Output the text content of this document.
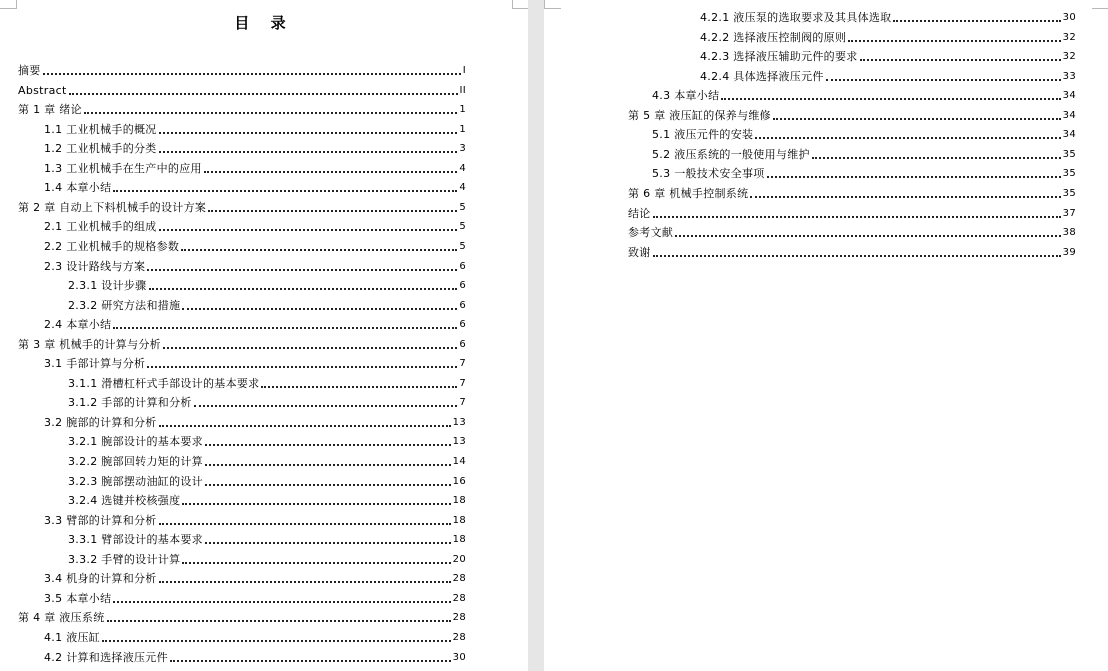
目 录
摘要	I
Abstract	II
第 1 章 绪论	1
1.1 工业机械手的概况	1
1.2 工业机械手的分类	3
1.3 工业机械手在生产中的应用	4
1.4 本章小结	4
第 2 章 自动上下料机械手的设计方案	5
2.1 工业机械手的组成	5
2.2 工业机械手的规格参数	5
2.3 设计路线与方案	6
2.3.1 设计步骤	6
2.3.2 研究方法和措施	6
2.4 本章小结	6
第 3 章 机械手的计算与分析	6
3.1 手部计算与分析	7
3.1.1 滑槽杠杆式手部设计的基本要求	7
3.1.2 手部的计算和分析	7
3.2 腕部的计算和分析	13
3.2.1 腕部设计的基本要求	13
3.2.2 腕部回转力矩的计算	14
3.2.3 腕部摆动油缸的设计	16
3.2.4 选键并校核强度	18
3.3 臂部的计算和分析	18
3.3.1 臂部设计的基本要求	18
3.3.2 手臂的设计计算	20
3.4 机身的计算和分析	28
3.5 本章小结	28
第 4 章 液压系统	28
4.1 液压缸	28
4.2 计算和选择液压元件	30
4.2.1 液压泵的选取要求及其具体选取	30
4.2.2 选择液压控制阀的原则	32
4.2.3 选择液压辅助元件的要求	32
4.2.4 具体选择液压元件	33
4.3 本章小结	34
第 5 章 液压缸的保养与维修	34
5.1 液压元件的安装	34
5.2 液压系统的一般使用与维护	35
5.3 一般技术安全事项	35
第 6 章 机械手控制系统	35
结论	37
参考文献	38
致谢	39
